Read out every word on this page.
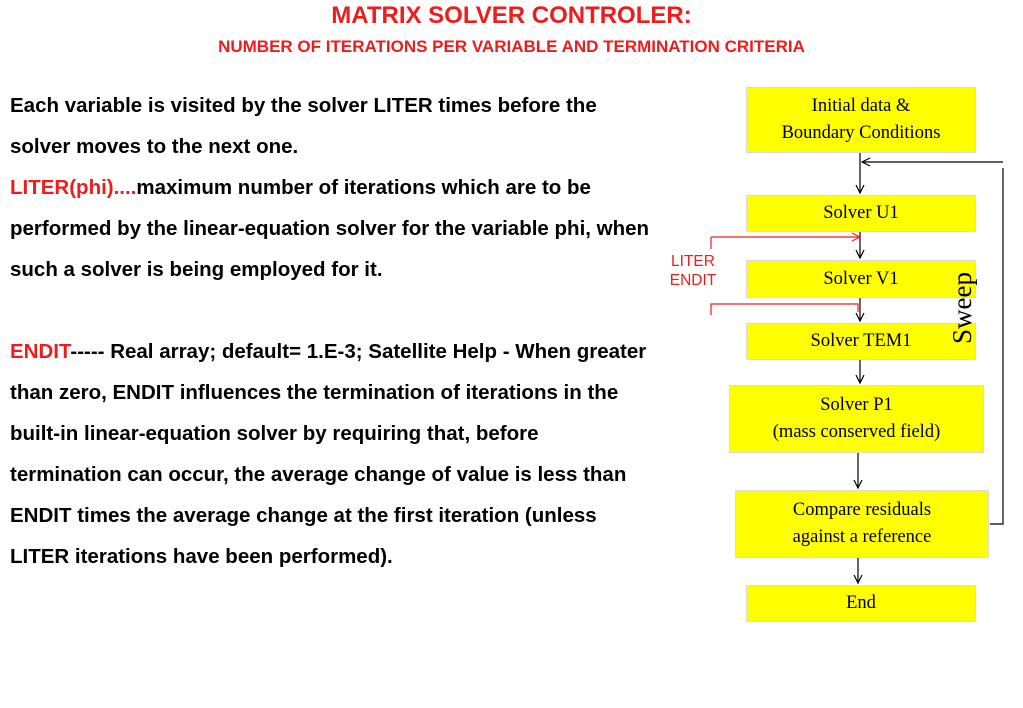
MATRIX SOLVER CONTROLER:
NUMBER OF ITERATIONS PER VARIABLE AND TERMINATION CRITERIA

Each variable is visited by the solver LITER times before the solver moves to the next one.

LITER(phi)....maximum number of iterations which are to be performed by the linear-equation solver for the variable phi, when such a solver is being employed for it.

ENDIT----- Real array; default= 1.E-3; Satellite Help - When greater than zero, ENDIT influences the termination of iterations in the built-in linear-equation solver by requiring that, before termination can occur, the average change of value is less than ENDIT times the average change at the first iteration (unless LITER iterations have been performed).

Initial data &
Boundary Conditions
Solver U1
Solver V1
Solver TEM1
Solver P1
(mass conserved field)
Compare residuals
against a reference
End
LITER
ENDIT	Sweep
